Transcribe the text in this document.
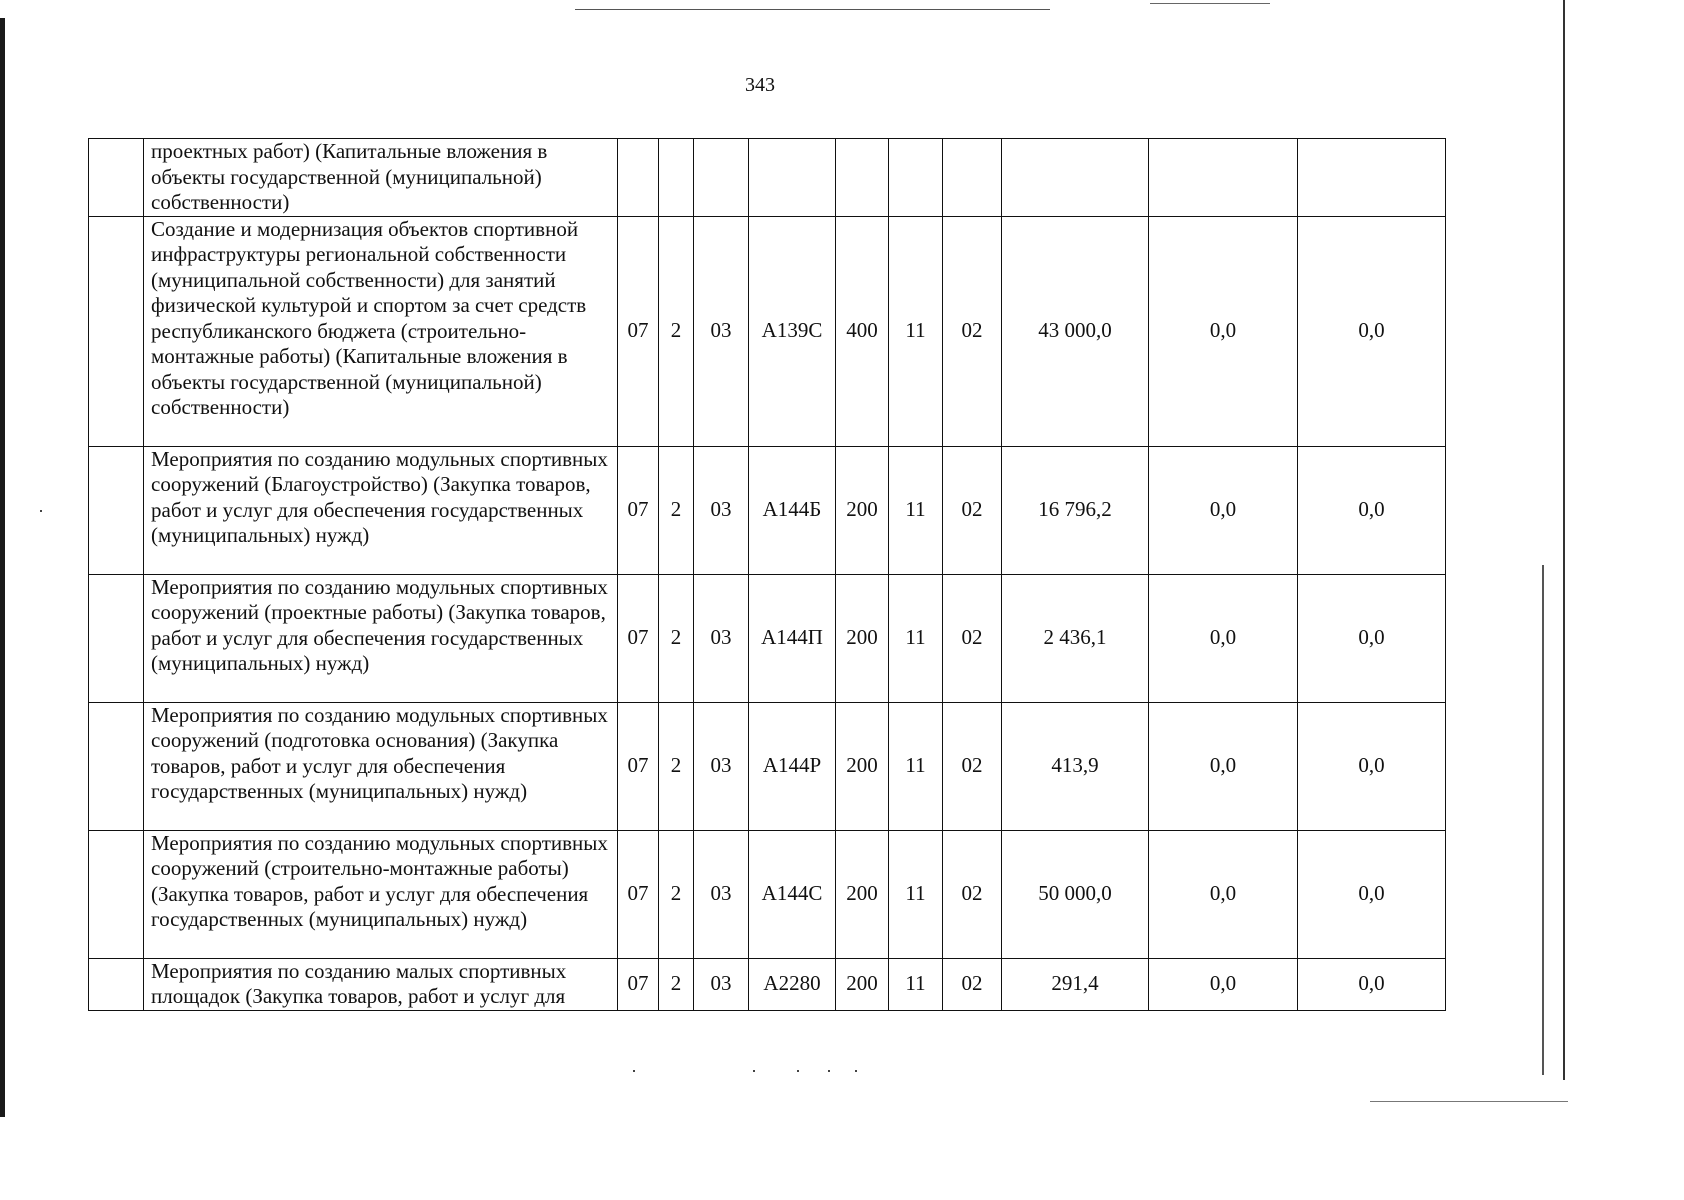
343
	проектных работ) (Капитальные вложения в объекты государственной (муниципальной) собственности)										
	Создание и модернизация объектов спортивной инфраструктуры региональной собственности (муниципальной собственности) для занятий физической культурой и спортом за счет средств республиканского бюджета (строительно-монтажные работы) (Капитальные вложения в объекты государственной (муниципальной) собственности)	07	2	03	А139С	400	11	02	43 000,0	0,0	0,0
	Мероприятия по созданию модульных спортивных сооружений (Благоустройство) (Закупка товаров, работ и услуг для обеспечения государственных (муниципальных) нужд)	07	2	03	А144Б	200	11	02	16 796,2	0,0	0,0
	Мероприятия по созданию модульных спортивных сооружений (проектные работы) (Закупка товаров, работ и услуг для обеспечения государственных (муниципальных) нужд)	07	2	03	А144П	200	11	02	2 436,1	0,0	0,0
	Мероприятия по созданию модульных спортивных сооружений (подготовка основания) (Закупка товаров, работ и услуг для обеспечения государственных (муниципальных) нужд)	07	2	03	А144Р	200	11	02	413,9	0,0	0,0
	Мероприятия по созданию модульных спортивных сооружений (строительно-монтажные работы) (Закупка товаров, работ и услуг для обеспечения государственных (муниципальных) нужд)	07	2	03	А144С	200	11	02	50 000,0	0,0	0,0
	Мероприятия по созданию малых спортивных площадок (Закупка товаров, работ и услуг для	07	2	03	А2280	200	11	02	291,4	0,0	0,0
